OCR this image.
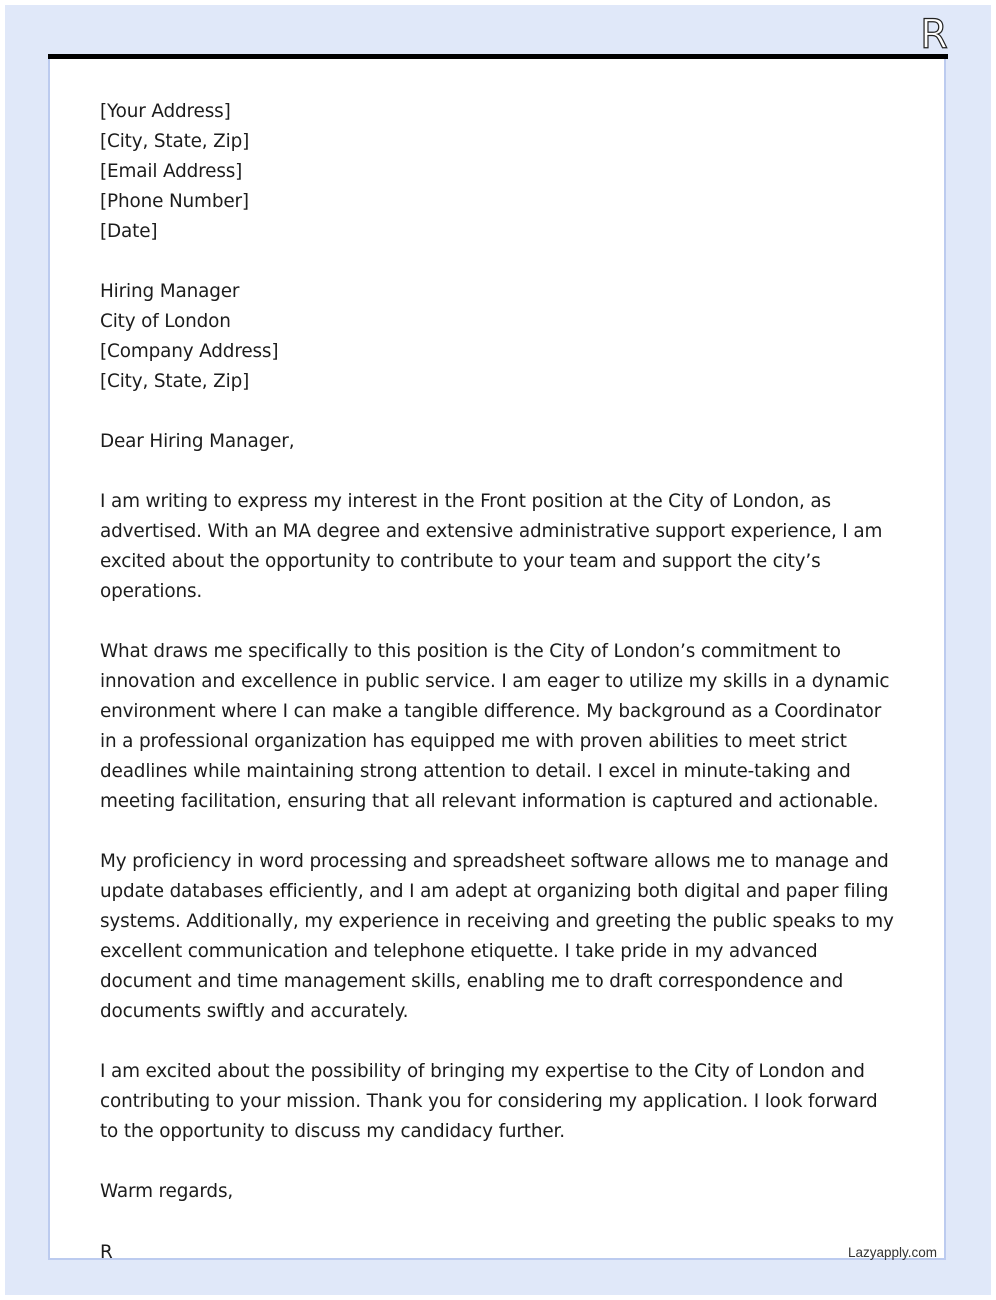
R
[Your Address]
[City, State, Zip]
[Email Address]
[Phone Number]
[Date]
Hiring Manager
City of London
[Company Address]
[City, State, Zip]
Dear Hiring Manager,
I am writing to express my interest in the Front position at the City of London, as advertised. With an MA degree and extensive administrative support experience, I am excited about the opportunity to contribute to your team and support the city’s operations.
What draws me specifically to this position is the City of London’s commitment to innovation and excellence in public service. I am eager to utilize my skills in a dynamic environment where I can make a tangible difference. My background as a Coordinator in a professional organization has equipped me with proven abilities to meet strict deadlines while maintaining strong attention to detail. I excel in minute-taking and meeting facilitation, ensuring that all relevant information is captured and actionable.
My proficiency in word processing and spreadsheet software allows me to manage and update databases efficiently, and I am adept at organizing both digital and paper filing systems. Additionally, my experience in receiving and greeting the public speaks to my excellent communication and telephone etiquette. I take pride in my advanced document and time management skills, enabling me to draft correspondence and documents swiftly and accurately.
I am excited about the possibility of bringing my expertise to the City of London and contributing to your mission. Thank you for considering my application. I look forward to the opportunity to discuss my candidacy further.
Warm regards,
R	Lazyapply.com
